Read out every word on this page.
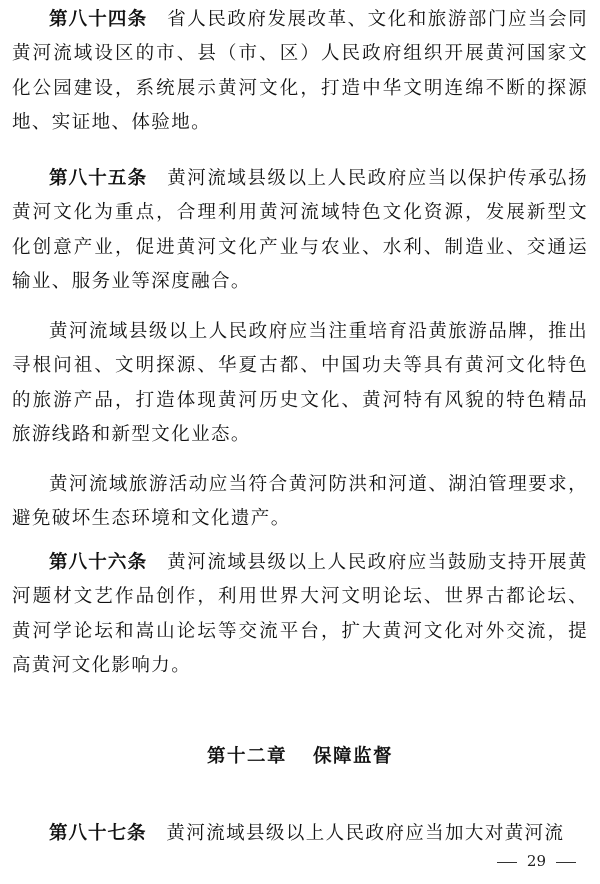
第八十四条　 省人民政府发展改革、文化和旅游部门应当会同黄河流域设区的市、县（市、区）人民政府组织开展黄河国家文化公园建设，系统展示黄河文化，打造中华文明连绵不断的探源地、实证地、体验地。

第八十五条　 黄河流域县级以上人民政府应当以保护传承弘扬黄河文化为重点，合理利用黄河流域特色文化资源，发展新型文化创意产业，促进黄河文化产业与农业、水利、制造业、交通运输业、服务业等深度融合。

黄河流域县级以上人民政府应当注重培育沿黄旅游品牌，推出寻根问祖、文明探源、华夏古都、中国功夫等具有黄河文化特色的旅游产品，打造体现黄河历史文化、黄河特有风貌的特色精品旅游线路和新型文化业态。

黄河流域旅游活动应当符合黄河防洪和河道、湖泊管理要求，避免破坏生态环境和文化遗产。

第八十六条　 黄河流域县级以上人民政府应当鼓励支持开展黄河题材文艺作品创作，利用世界大河文明论坛、世界古都论坛、黄河学论坛和嵩山论坛等交流平台，扩大黄河文化对外交流，提高黄河文化影响力。

第十二章 保障监督

第八十七条　 黄河流域县级以上人民政府应当加大对黄河流

29
